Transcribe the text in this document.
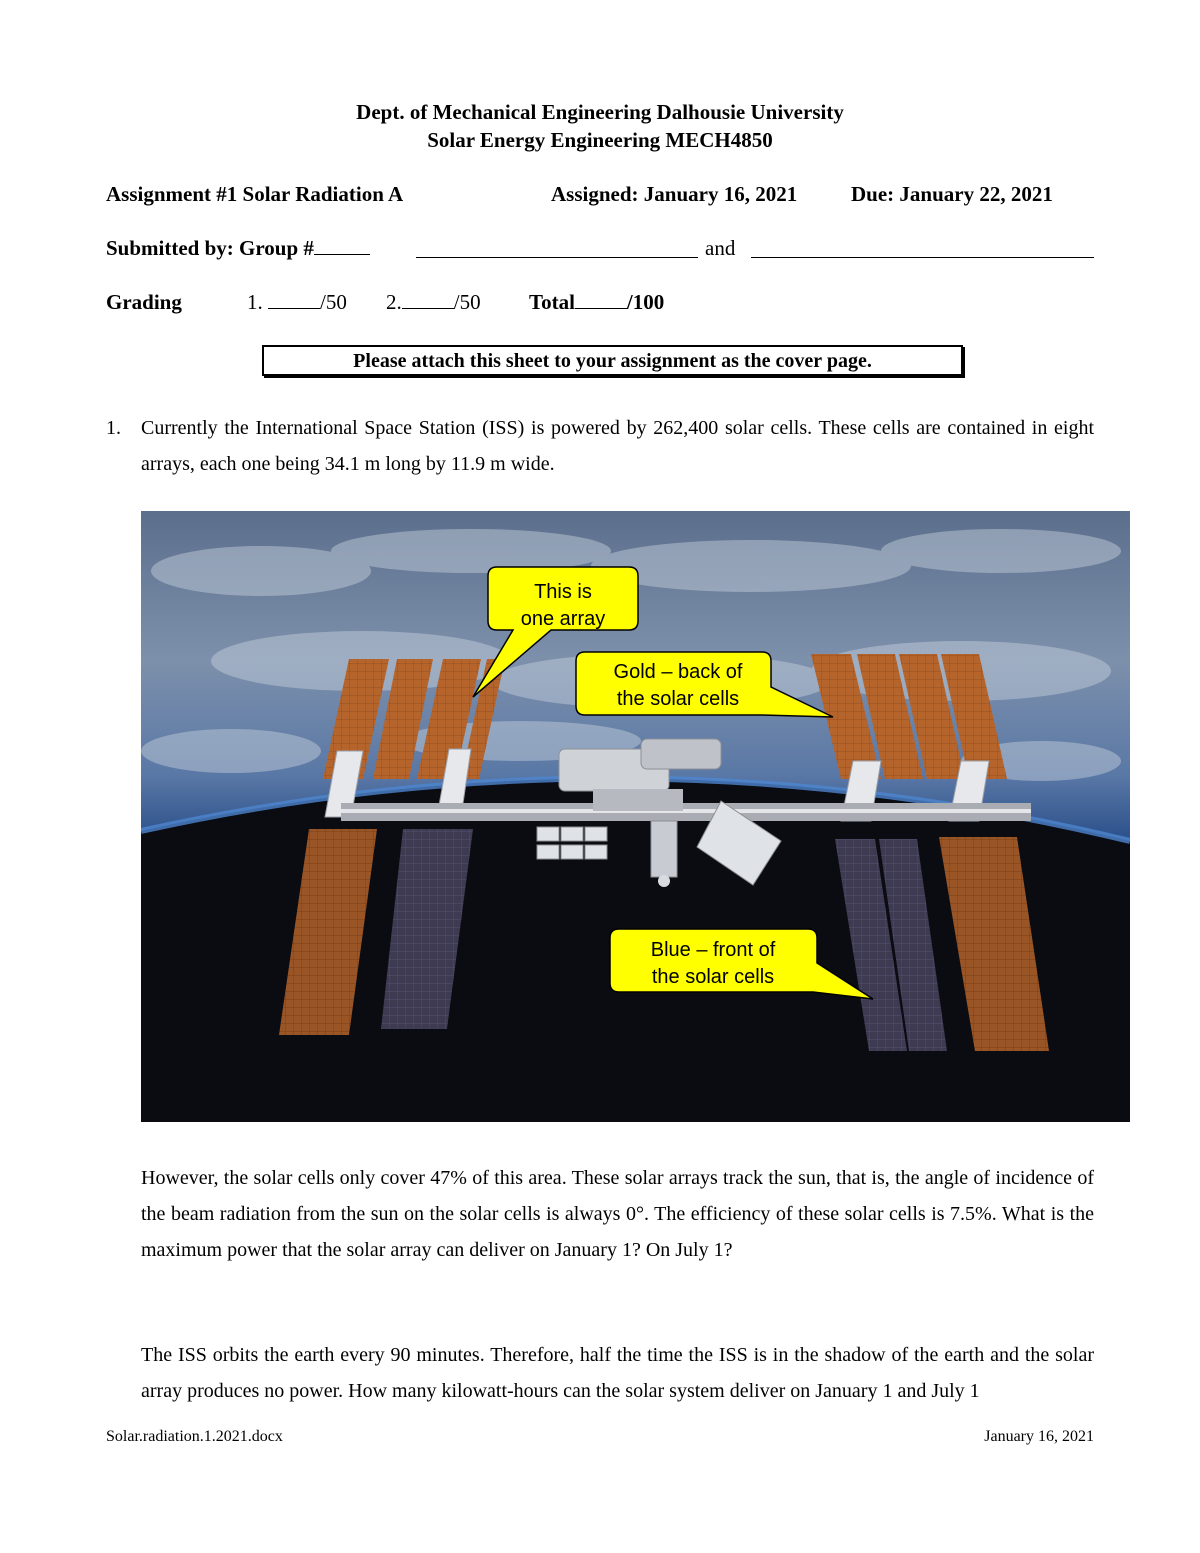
Dept. of Mechanical Engineering Dalhousie University
Solar Energy Engineering MECH4850
Assignment #1 Solar Radiation A	Assigned: January 16, 2021	Due: January 22, 2021
Submitted by: Group #	and
Grading	1.	/50 2. /50 Total /100
Please attach this sheet to your assignment as the cover page.
1. Currently the International Space Station (ISS) is powered by 262,400 solar cells. These cells are contained in eight arrays, each one being 34.1 m long by 11.9 m wide.
This is
one array
Gold – back of
the solar cells
Blue – front of
the solar cells
However, the solar cells only cover 47% of this area. These solar arrays track the sun, that is, the angle of incidence of the beam radiation from the sun on the solar cells is always 0°. The efficiency of these solar cells is 7.5%. What is the maximum power that the solar array can deliver on January 1? On July 1?
The ISS orbits the earth every 90 minutes. Therefore, half the time the ISS is in the shadow of the earth and the solar array produces no power. How many kilowatt-hours can the solar system deliver on January 1 and July 1
Solar.radiation.1.2021.docx	January 16, 2021
